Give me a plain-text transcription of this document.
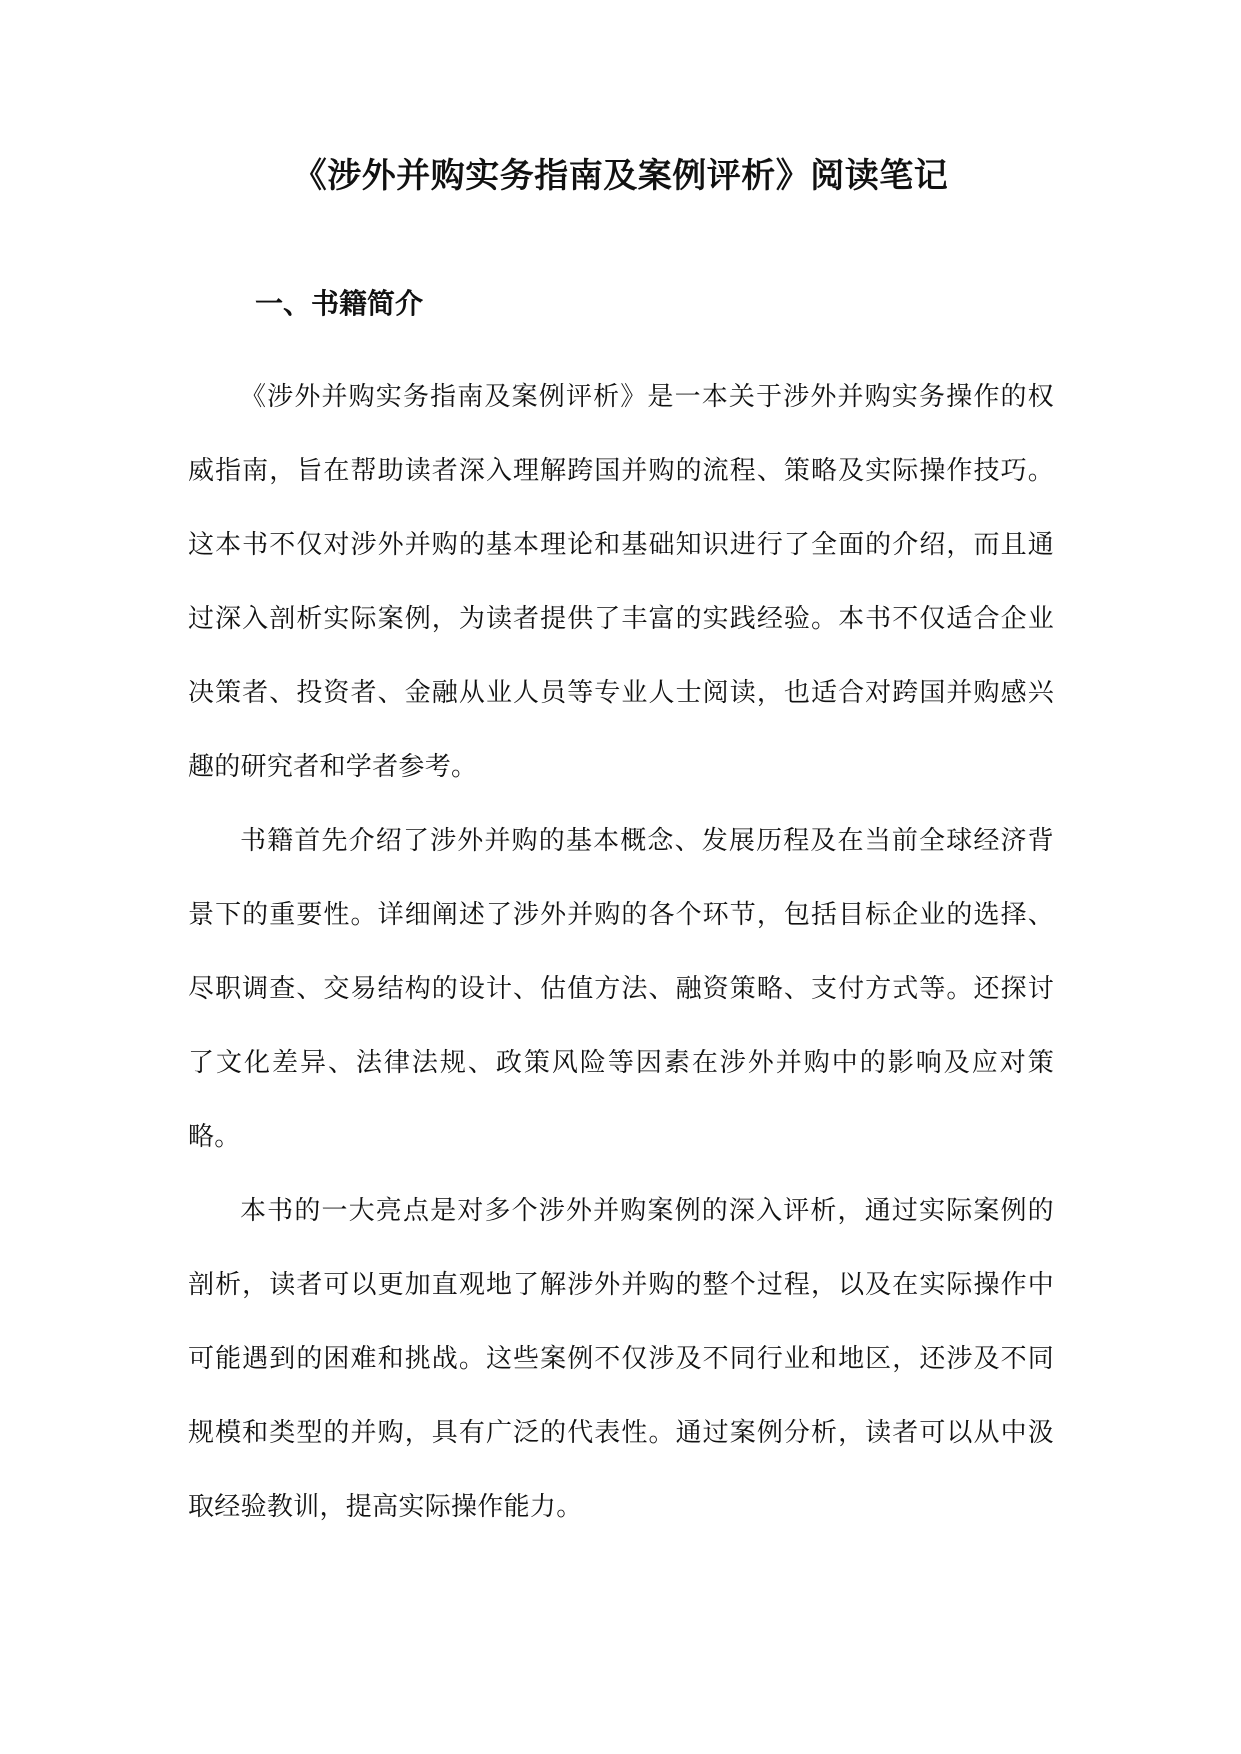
《涉外并购实务指南及案例评析》阅读笔记
一、书籍简介

《涉外并购实务指南及案例评析》是一本关于涉外并购实务操作的权威指南，旨在帮助读者深入理解跨国并购的流程、策略及实际操作技巧。这本书不仅对涉外并购的基本理论和基础知识进行了全面的介绍，而且通过深入剖析实际案例，为读者提供了丰富的实践经验。本书不仅适合企业决策者、投资者、金融从业人员等专业人士阅读，也适合对跨国并购感兴趣的研究者和学者参考。

书籍首先介绍了涉外并购的基本概念、发展历程及在当前全球经济背景下的重要性。详细阐述了涉外并购的各个环节，包括目标企业的选择、尽职调查、交易结构的设计、估值方法、融资策略、支付方式等。还探讨了文化差异、法律法规、政策风险等因素在涉外并购中的影响及应对策略。

本书的一大亮点是对多个涉外并购案例的深入评析，通过实际案例的剖析，读者可以更加直观地了解涉外并购的整个过程，以及在实际操作中可能遇到的困难和挑战。这些案例不仅涉及不同行业和地区，还涉及不同规模和类型的并购，具有广泛的代表性。通过案例分析，读者可以从中汲取经验教训，提高实际操作能力。
